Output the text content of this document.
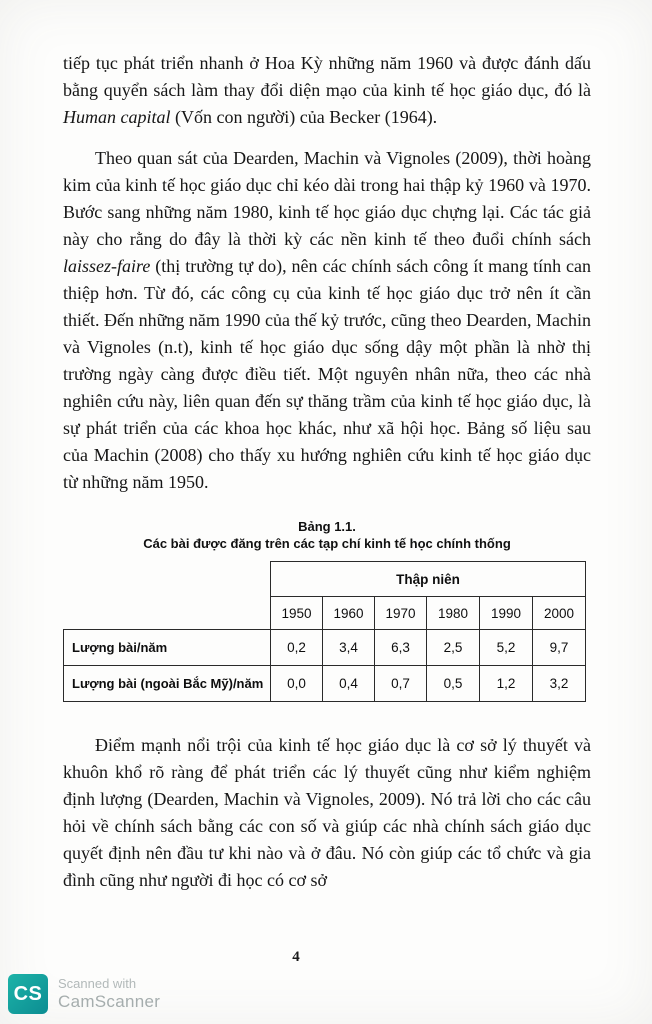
tiếp tục phát triển nhanh ở Hoa Kỳ những năm 1960 và được đánh dấu bằng quyển sách làm thay đổi diện mạo của kinh tế học giáo dục, đó là Human capital (Vốn con người) của Becker (1964).

Theo quan sát của Dearden, Machin và Vignoles (2009), thời hoàng kim của kinh tế học giáo dục chỉ kéo dài trong hai thập kỷ 1960 và 1970. Bước sang những năm 1980, kinh tế học giáo dục chựng lại. Các tác giả này cho rằng do đây là thời kỳ các nền kinh tế theo đuổi chính sách laissez-faire (thị trường tự do), nên các chính sách công ít mang tính can thiệp hơn. Từ đó, các công cụ của kinh tế học giáo dục trở nên ít cần thiết. Đến những năm 1990 của thế kỷ trước, cũng theo Dearden, Machin và Vignoles (n.t), kinh tế học giáo dục sống dậy một phần là nhờ thị trường ngày càng được điều tiết. Một nguyên nhân nữa, theo các nhà nghiên cứu này, liên quan đến sự thăng trầm của kinh tế học giáo dục, là sự phát triển của các khoa học khác, như xã hội học. Bảng số liệu sau của Machin (2008) cho thấy xu hướng nghiên cứu kinh tế học giáo dục từ những năm 1950.

Bảng 1.1.
Các bài được đăng trên các tạp chí kinh tế học chính thống
	Thập niên					
	1950	1960	1970	1980	1990	2000
Lượng bài/năm	0,2	3,4	6,3	2,5	5,2	9,7
Lượng bài (ngoài Bắc Mỹ)/năm	0,0	0,4	0,7	0,5	1,2	3,2

Điểm mạnh nổi trội của kinh tế học giáo dục là cơ sở lý thuyết và khuôn khổ rõ ràng để phát triển các lý thuyết cũng như kiểm nghiệm định lượng (Dearden, Machin và Vignoles, 2009). Nó trả lời cho các câu hỏi về chính sách bằng các con số và giúp các nhà chính sách giáo dục quyết định nên đầu tư khi nào và ở đâu. Nó còn giúp các tổ chức và gia đình cũng như người đi học có cơ sở

4
CS	Scanned with
CamScanner
